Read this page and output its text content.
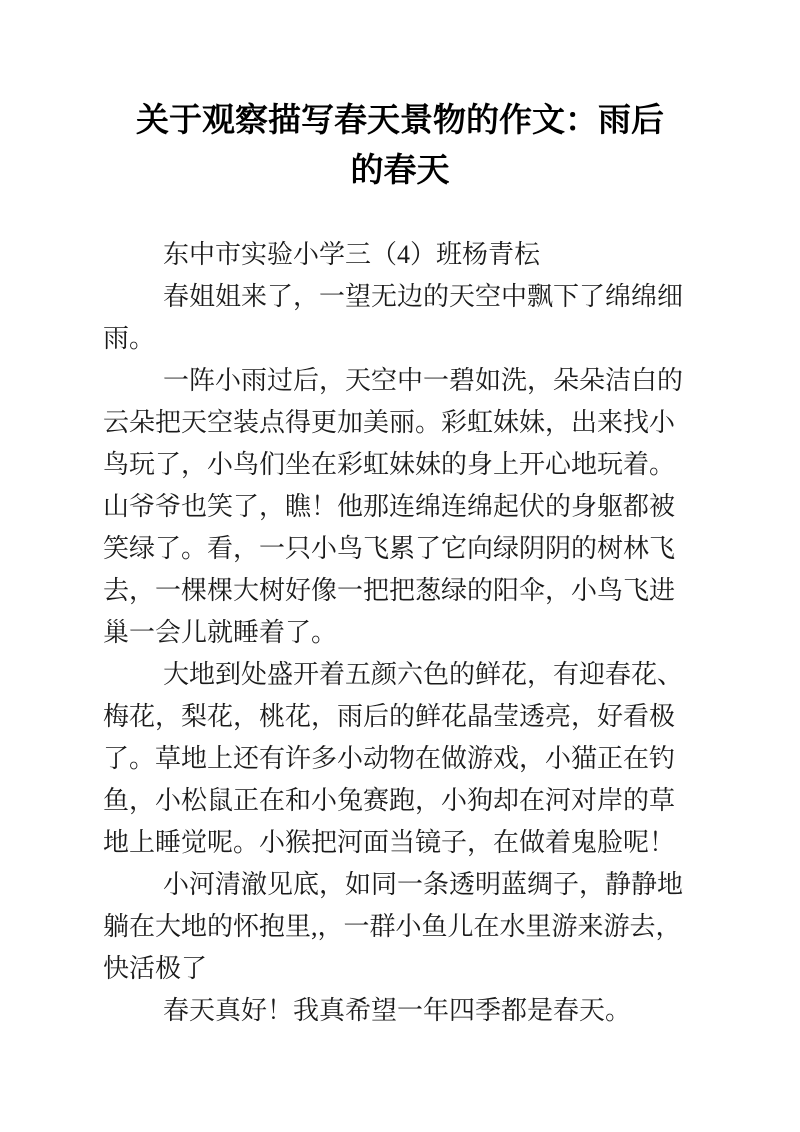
关于观察描写春天景物的作文：雨后
的春天

东中市实验小学三（4）班杨青枟

春姐姐来了，一望无边的天空中飘下了绵绵细

雨。

一阵小雨过后，天空中一碧如洗，朵朵洁白的

云朵把天空装点得更加美丽。彩虹妹妹，出来找小

鸟玩了，小鸟们坐在彩虹妹妹的身上开心地玩着。

山爷爷也笑了，瞧！他那连绵连绵起伏的身躯都被

笑绿了。看，一只小鸟飞累了它向绿阴阴的树林飞

去，一棵棵大树好像一把把葱绿的阳伞，小鸟飞进

巢一会儿就睡着了。

大地到处盛开着五颜六色的鲜花，有迎春花、

梅花，梨花，桃花，雨后的鲜花晶莹透亮，好看极

了。草地上还有许多小动物在做游戏，小猫正在钓

鱼，小松鼠正在和小兔赛跑，小狗却在河对岸的草

地上睡觉呢。小猴把河面当镜子，在做着鬼脸呢！

小河清澈见底，如同一条透明蓝绸子，静静地

躺在大地的怀抱里,，一群小鱼儿在水里游来游去，

快活极了

春天真好！我真希望一年四季都是春天。
